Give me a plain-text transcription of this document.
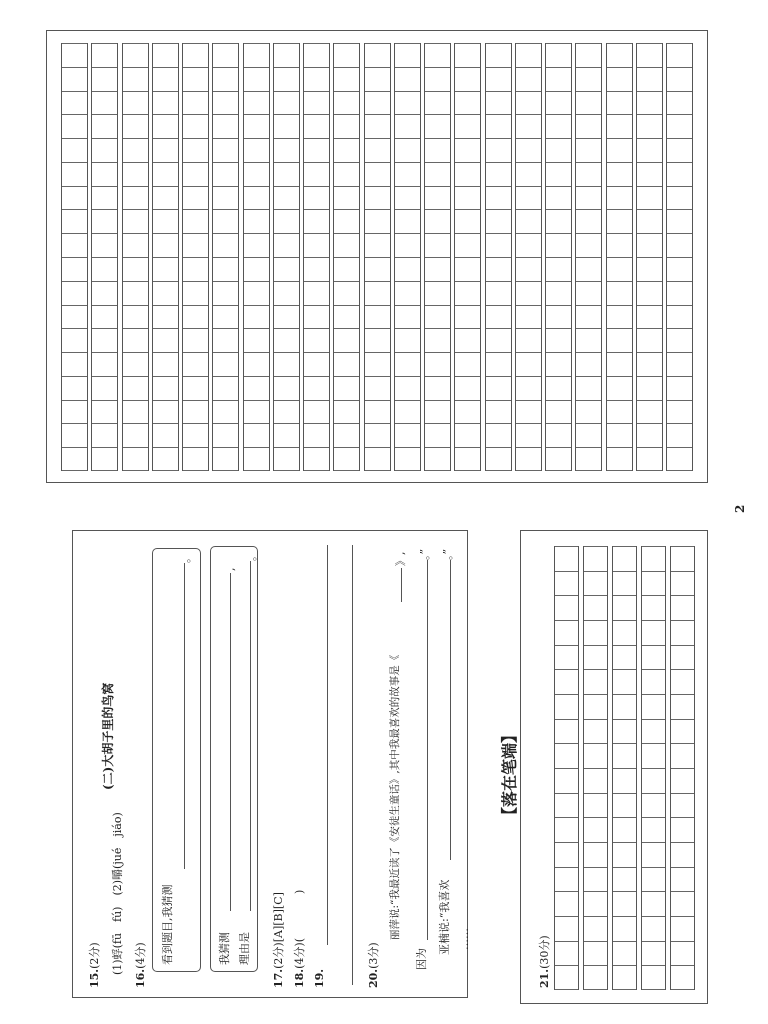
(二)大胡子里的鸟窝
15.(2分) (1)蜉(fū　fú)　(2)嚼(jué　jiáo)
16.(4分) 看到题目,我猜测
。
我猜测
,
理由是
。
17.(2分)[A][B][C]
18.(4分)(　　　　)
19.	20.(3分)
丽萍说:“我最近读了《安徒生童话》,其中我最喜欢的故事是《
》,
因为
。”
亚楠说:“我喜欢
。”
……
【落在笔端】
21.(30分)
2
